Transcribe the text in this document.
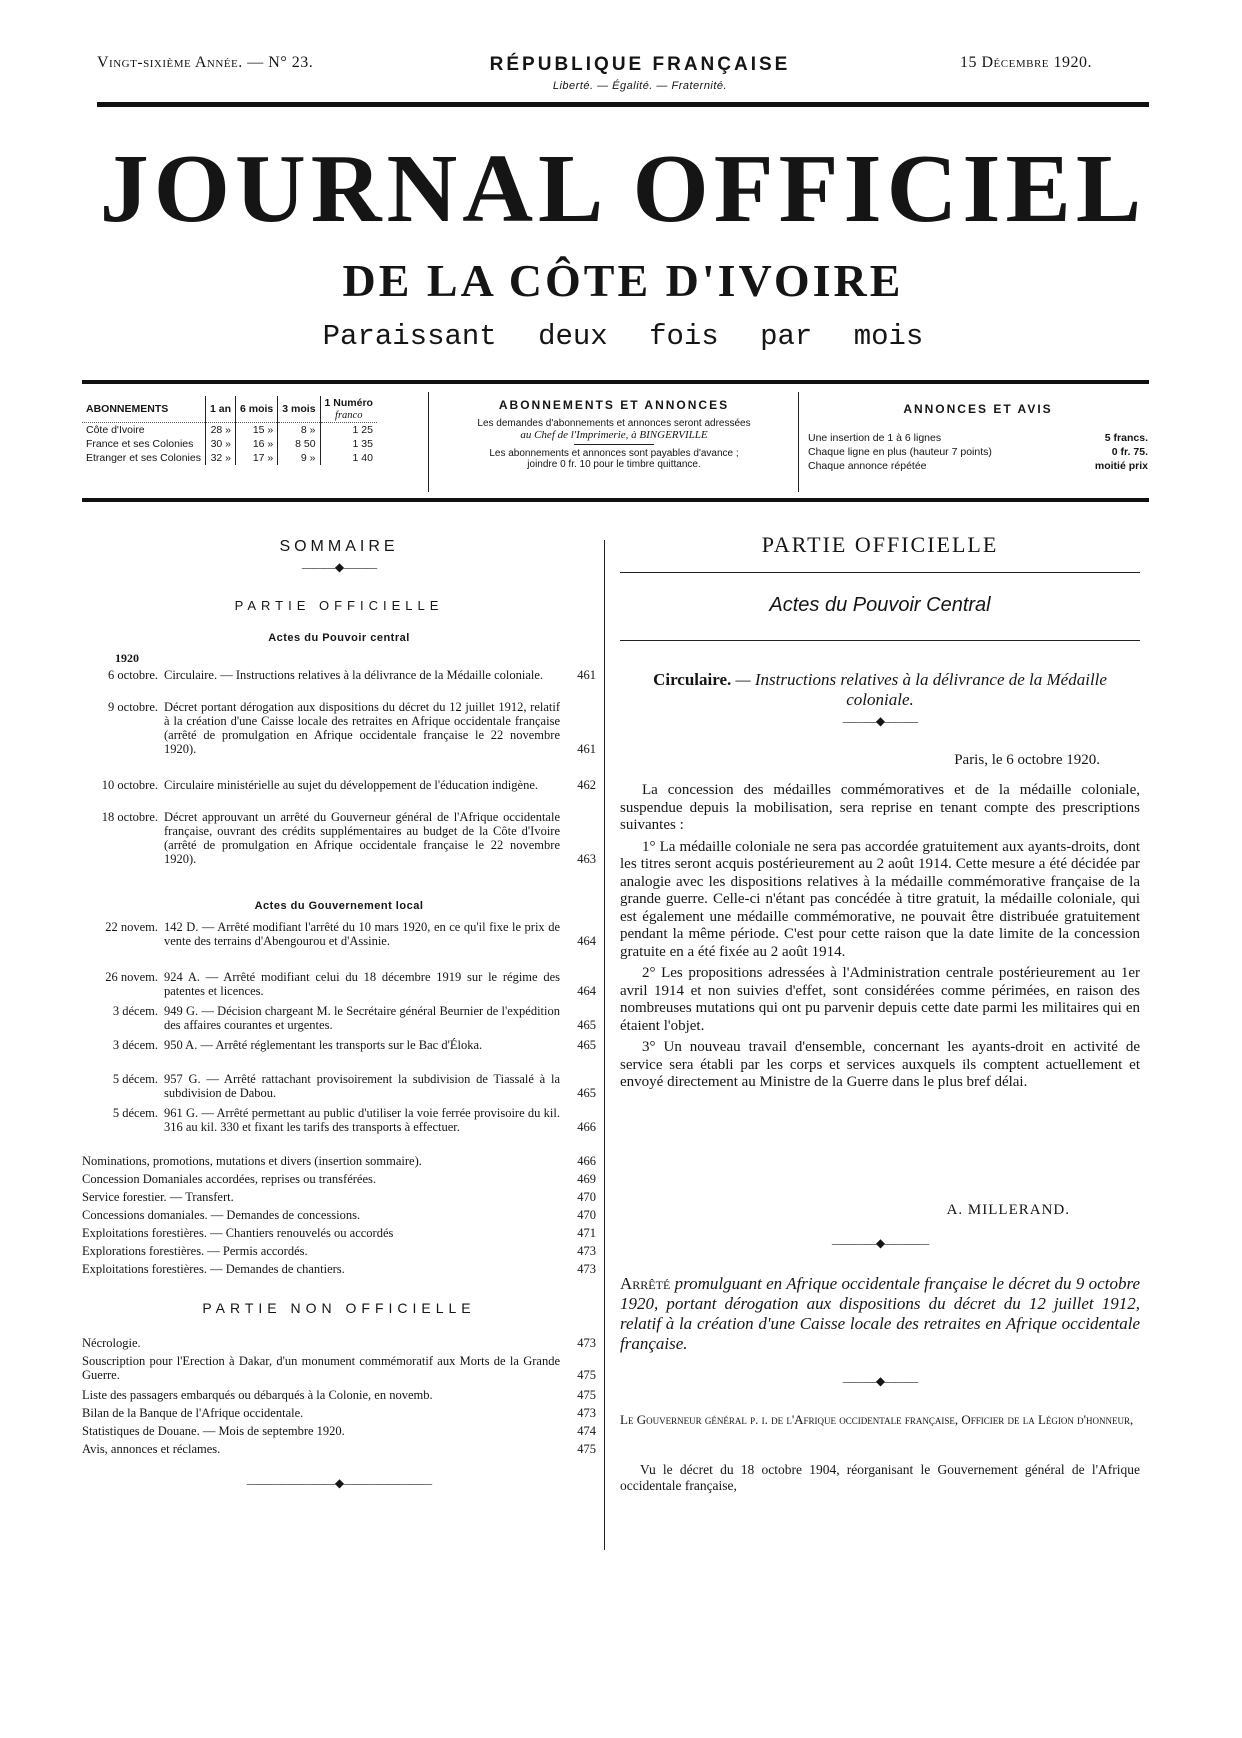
Vingt-sixième Année. — N° 23.	RÉPUBLIQUE FRANÇAISE
Liberté. — Égalité. — Fraternité.
15 Décembre 1920.
JOURNAL OFFICIEL
DE LA CÔTE D'IVOIRE
Paraissant deux fois par mois
ABONNEMENTS	1 an	6 mois	3 mois	1 Numéro
franco
Côte d'Ivoire	28 »	15 »	8 »	1 25
France et ses Colonies	30 »	16 »	8 50	1 35
Etranger et ses Colonies	32 »	17 »	9 »	1 40
ABONNEMENTS ET ANNONCES
Les demandes d'abonnements et annonces seront adressées
au Chef de l'Imprimerie, à BINGERVILLE
Les abonnements et annonces sont payables d'avance ;
joindre 0 fr. 10 pour le timbre quittance.
ANNONCES ET AVIS
Une insertion de 1 à 6 lignes	5 francs.
Chaque ligne en plus (hauteur 7 points)	0 fr. 75.
Chaque annonce répétée	moitié prix
SOMMAIRE
———◆———
PARTIE OFFICIELLE
Actes du Pouvoir central
1920
6 octobre. Circulaire. — Instructions relatives à la délivrance de la Médaille coloniale.	461
9 octobre. Décret portant dérogation aux dispositions du décret du 12 juillet 1912, relatif à la création d'une Caisse locale des retraites en Afrique occidentale française (arrêté de promulgation en Afrique occidentale française le 22 novembre 1920).	461
10 octobre. Circulaire ministérielle au sujet du développement de l'éducation indigène.	462
18 octobre. Décret approuvant un arrêté du Gouverneur général de l'Afrique occidentale française, ouvrant des crédits supplémentaires au budget de la Côte d'Ivoire (arrêté de promulgation en Afrique occidentale française le 22 novembre 1920).	463
Actes du Gouvernement local
22 novem. 142 D. — Arrêté modifiant l'arrêté du 10 mars 1920, en ce qu'il fixe le prix de vente des terrains d'Abengourou et d'Assinie.	464
26 novem. 924 A. — Arrêté modifiant celui du 18 décembre 1919 sur le régime des patentes et licences.	464
3 décem. 949 G. — Décision chargeant M. le Secrétaire général Beurnier de l'expédition des affaires courantes et urgentes.	465
3 décem. 950 A. — Arrêté réglementant les transports sur le Bac d'Éloka.	465
5 décem. 957 G. — Arrêté rattachant provisoirement la subdivision de Tiassalé à la subdivision de Dabou.	465
5 décem. 961 G. — Arrêté permettant au public d'utiliser la voie ferrée provisoire du kil. 316 au kil. 330 et fixant les tarifs des transports à effectuer.	466
Nominations, promotions, mutations et divers (insertion sommaire).	466
Concession Domaniales accordées, reprises ou transférées.	469
Service forestier. — Transfert.	470
Concessions domaniales. — Demandes de concessions.	470
Exploitations forestières. — Chantiers renouvelés ou accordés	471
Explorations forestières. — Permis accordés.	473
Exploitations forestières. — Demandes de chantiers.	473
PARTIE NON OFFICIELLE
Nécrologie.	473
Souscription pour l'Erection à Dakar, d'un monument commémoratif aux Morts de la Grande Guerre.	475
Liste des passagers embarqués ou débarqués à la Colonie, en novemb.	475
Bilan de la Banque de l'Afrique occidentale.	473
Statistiques de Douane. — Mois de septembre 1920.	474
Avis, annonces et réclames.	475
————————◆————————
PARTIE OFFICIELLE
Actes du Pouvoir Central
Circulaire. — Instructions relatives à la délivrance de la Médaille coloniale.
———◆———
Paris, le 6 octobre 1920.

La concession des médailles commémoratives et de la médaille coloniale, suspendue depuis la mobilisation, sera reprise en tenant compte des prescriptions suivantes :

1° La médaille coloniale ne sera pas accordée gratuitement aux ayants-droits, dont les titres seront acquis postérieurement au 2 août 1914. Cette mesure a été décidée par analogie avec les dispositions relatives à la médaille commémorative française de la grande guerre. Celle-ci n'étant pas concédée à titre gratuit, la médaille coloniale, qui est également une médaille commémorative, ne pouvait être distribuée gratuitement pendant la même période. C'est pour cette raison que la date limite de la concession gratuite en a été fixée au 2 août 1914.

2° Les propositions adressées à l'Administration centrale postérieurement au 1er avril 1914 et non suivies d'effet, sont considérées comme périmées, en raison des nombreuses mutations qui ont pu parvenir depuis cette date parmi les militaires qui en étaient l'objet.

3° Un nouveau travail d'ensemble, concernant les ayants-droit en activité de service sera établi par les corps et services auxquels ils comptent actuellement et envoyé directement au Ministre de la Guerre dans le plus bref délai.

A. MILLERAND.
————◆————
Arrêté promulguant en Afrique occidentale française le décret du 9 octobre 1920, portant dérogation aux dispositions du décret du 12 juillet 1912, relatif à la création d'une Caisse locale des retraites en Afrique occidentale française.
———◆———
Le Gouverneur général p. i. de l'Afrique occidentale française, Officier de la Légion d'honneur,
Vu le décret du 18 octobre 1904, réorganisant le Gouvernement général de l'Afrique occidentale française,
